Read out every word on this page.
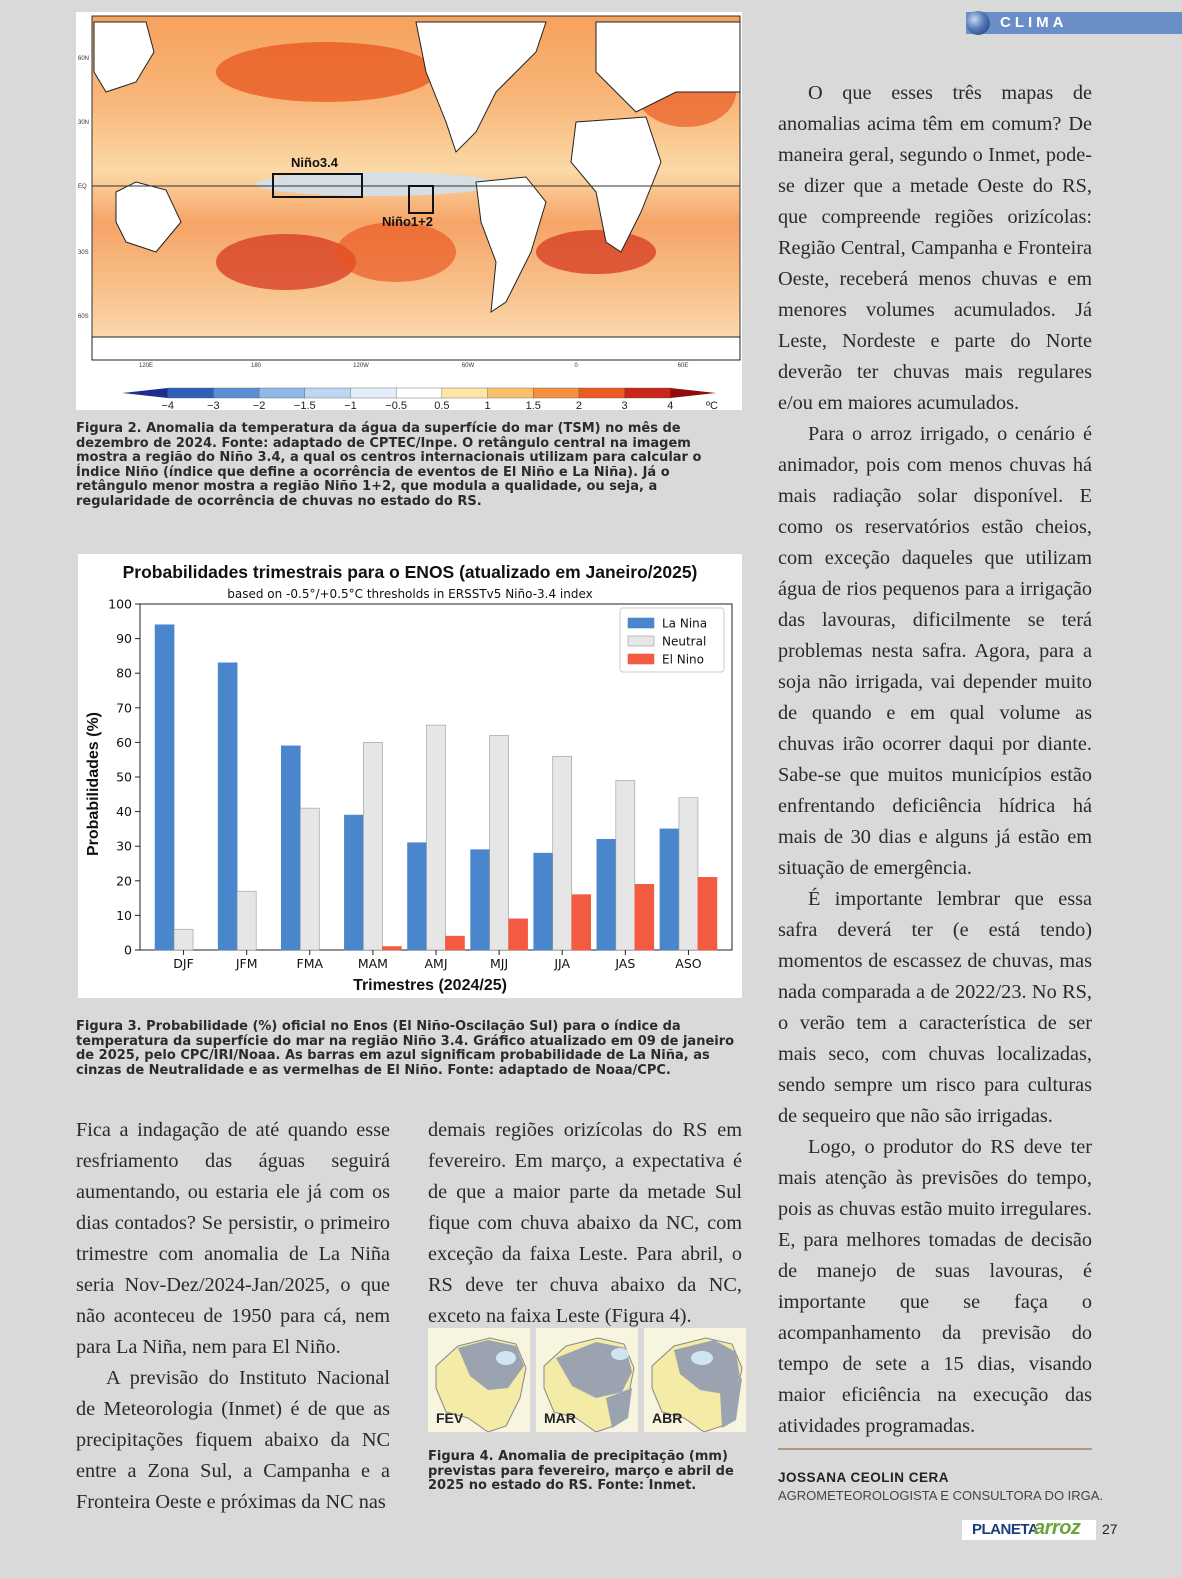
CLIMA
Niño3.4
Niño1+2
60N
30N
EQ
30S
60S
120E	180	120W	60W	0	60E
−4	−3	−2	−1.5	−1	−0.5 0.5	1	1.5	2	3	4	ºC
Figura 2. Anomalia da temperatura da água da superfície do mar (TSM) no mês de dezembro de 2024. Fonte: adaptado de CPTEC/Inpe. O retângulo central na imagem mostra a região do Niño 3.4, a qual os centros internacionais utilizam para calcular o Índice Niño (índice que define a ocorrência de eventos de El Niño e La Niña). Já o retângulo menor mostra a região Niño 1+2, que modula a qualidade, ou seja, a regularidade de ocorrência de chuvas no estado do RS.
Probabilidades trimestrais para o ENOS (atualizado em Janeiro/2025)
based on -0.5°/+0.5°C thresholds in ERSSTv5 Niño-3.4 index
Probabilidades (%)
Trimestres (2024/25)
0
10
20
30
40
50
60
70
80
90
100
DJF	JFM	FMA	MAM	AMJ	MJJ	JJA	JAS	ASO
La Nina
Neutral
El Nino
Figura 3. Probabilidade (%) oficial no Enos (El Niño-Oscilação Sul) para o índice da temperatura da superfície do mar na região Niño 3.4. Gráfico atualizado em 09 de janeiro de 2025, pelo CPC/IRI/Noaa. As barras em azul significam probabilidade de La Niña, as cinzas de Neutralidade e as vermelhas de El Niño. Fonte: adaptado de Noaa/CPC.

Fica a indagação de até quando esse resfriamento das águas seguirá aumentando, ou estaria ele já com os dias contados? Se persistir, o primeiro trimestre com anomalia de La Niña seria Nov-Dez/2024-Jan/2025, o que não aconteceu de 1950 para cá, nem para La Niña, nem para El Niño.

A previsão do Instituto Nacional de Meteorologia (Inmet) é de que as precipitações fiquem abaixo da NC entre a Zona Sul, a Campanha e a Fronteira Oeste e próximas da NC nas

demais regiões orizícolas do RS em fevereiro. Em março, a expectativa é de que a maior parte da metade Sul fique com chuva abaixo da NC, com exceção da faixa Leste. Para abril, o RS deve ter chuva abaixo da NC, exceto na faixa Leste (Figura 4).

FEV	MAR	ABR
Figura 4. Anomalia de precipitação (mm) previstas para fevereiro, março e abril de 2025 no estado do RS. Fonte: Inmet.

O que esses três mapas de anomalias acima têm em comum? De maneira geral, segundo o Inmet, pode-se dizer que a metade Oeste do RS, que compreende regiões orizícolas: Região Central, Campanha e Fronteira Oeste, receberá menos chuvas e em menores volumes acumulados. Já Leste, Nordeste e parte do Norte deverão ter chuvas mais regulares e/ou em maiores acumulados.

Para o arroz irrigado, o cenário é animador, pois com menos chuvas há mais radiação solar disponível. E como os reservatórios estão cheios, com exceção daqueles que utilizam água de rios pequenos para a irrigação das lavouras, dificilmente se terá problemas nesta safra. Agora, para a soja não irrigada, vai depender muito de quando e em qual volume as chuvas irão ocorrer daqui por diante. Sabe-se que muitos municípios estão enfrentando deficiência hídrica há mais de 30 dias e alguns já estão em situação de emergência.

É importante lembrar que essa safra deverá ter (e está tendo) momentos de escassez de chuvas, mas nada comparada a de 2022/23. No RS, o verão tem a característica de ser mais seco, com chuvas localizadas, sendo sempre um risco para culturas de sequeiro que não são irrigadas.

Logo, o produtor do RS deve ter mais atenção às previsões do tempo, pois as chuvas estão muito irregulares. E, para melhores tomadas de decisão de manejo de suas lavouras, é importante que se faça o acompanhamento da previsão do tempo de sete a 15 dias, visando maior eficiência na execução das atividades programadas.

JOSSANA CEOLIN CERA
AGROMETEOROLOGISTA E CONSULTORA DO IRGA.
PLANETA
arroz 27
